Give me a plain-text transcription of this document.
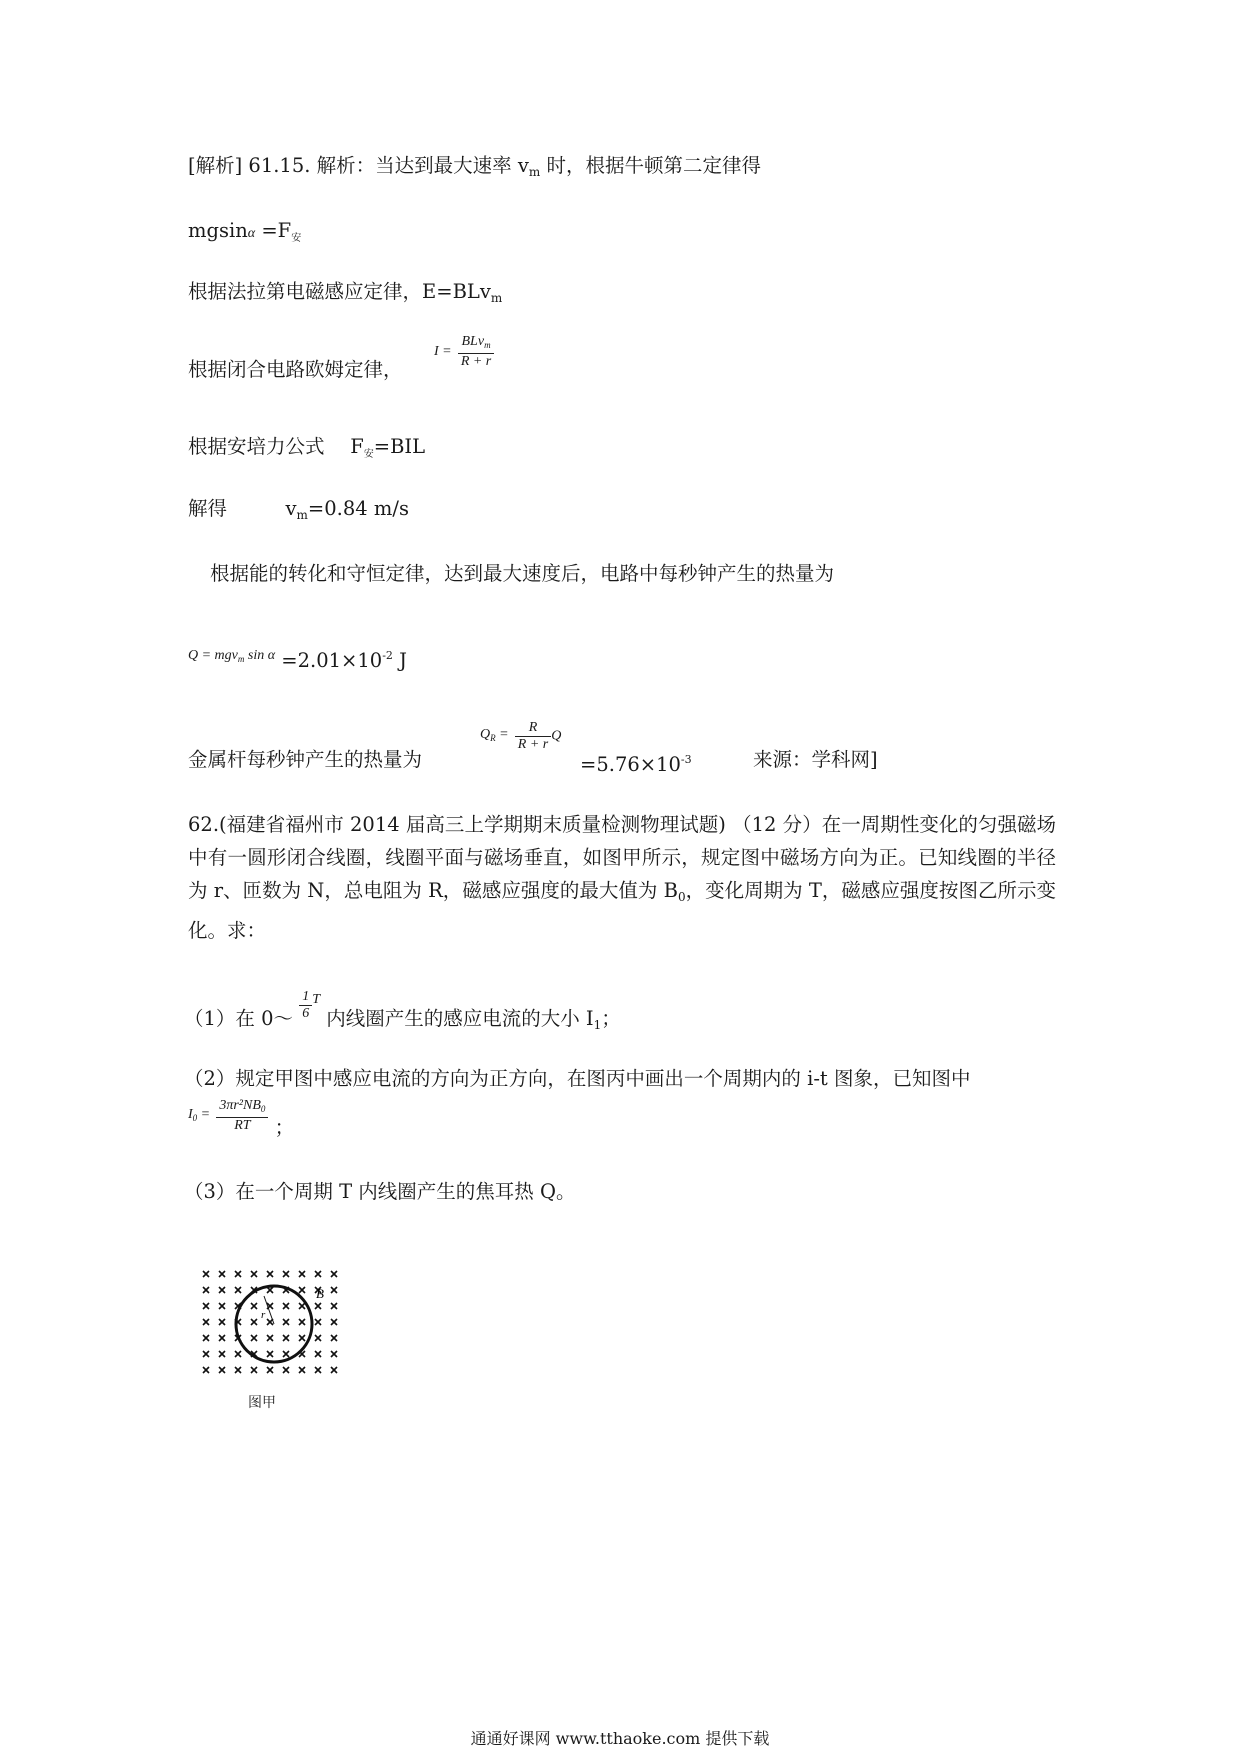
[解析] 61.15. 解析：当达到最大速率 $v_m$ 时，根据牛顿第二定律得
$mgsin\alpha =F_安$
根据法拉第电磁感应定律，E=BLv$_m$
根据闭合电路欧姆定律，
$I = \frac{BLv_m}{R + r}$
根据安培力公式　 $F_安=BIL$
解得　　　$v_m=0.84$ m/s
根据能的转化和守恒定律，达到最大速度后，电路中每秒钟产生的热量为
$^{Q = mgv_m sin \alpha} =2.01\times 10^{-2}$ J
金属杆每秒钟产生的热量为
$Q_R = \frac{R}{R + r}$ Q
$=5.76\times 10^{-3}$	来源：学科网]
62.(福建省福州市 2014 届高三上学期期末质量检测物理试题) （12 分）在一周期性变化的匀强磁场中有一圆形闭合线圈，线圈平面与磁场垂直，如图甲所示，规定图中磁场方向为正。已知线圈的半径为 r、匝数为 N，总电阻为 R，磁感应强度的最大值为 $B_0$，变化周期为 T，磁感应强度按图乙所示变化。求：
（1）在 0～ $\frac{1}{6} ^T$ 内线圈产生的感应电流的大小 $I_1$；
（2）规定甲图中感应电流的方向为正方向，在图丙中画出一个周期内的 i-t 图象，已知图中
$I_0 = \frac{3\pi r^2NB_0}{RT}$ ；
（3）在一个周期 T 内线圈产生的焦耳热 Q。
r
B
图甲
通通好课网 www.tthaoke.com 提供下载
